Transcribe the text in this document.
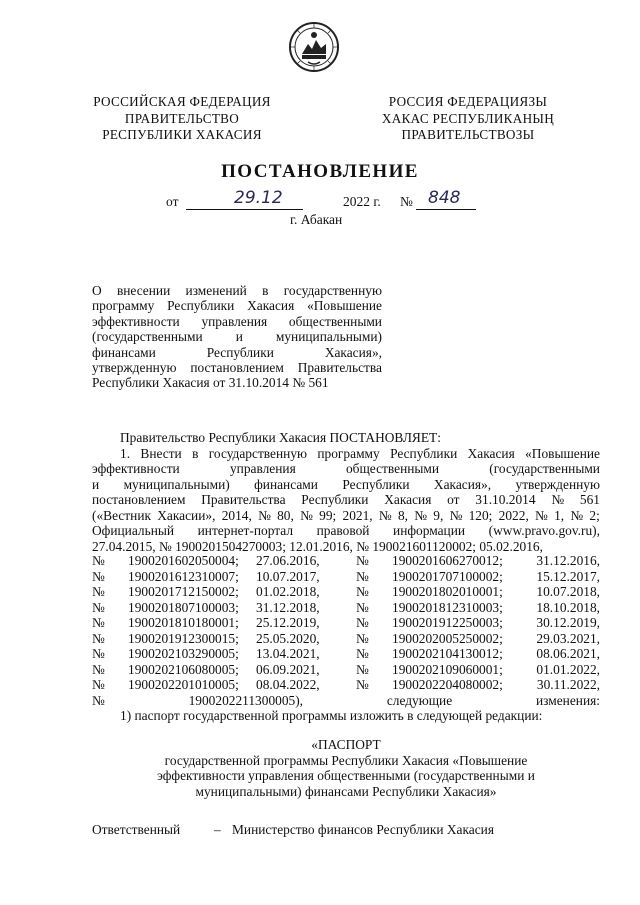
РОССИЙСКАЯ ФЕДЕРАЦИЯ
ПРАВИТЕЛЬСТВО
РЕСПУБЛИКИ ХАКАСИЯ
РОССИЯ ФЕДЕРАЦИЯЗЫ
ХАКАС РЕСПУБЛИКАНЫҢ
ПРАВИТЕЛЬСТВОЗЫ
ПОСТАНОВЛЕНИЕ
от	29.12	2022 г. № 848
г. Абакан
О внесении изменений в государственную
программу Республики Хакасия «Повышение
эффективности управления общественными
(государственными и муниципальными)
финансами	Республики	Хакасия»,
утвержденную постановлением Правительства
Республики Хакасия от 31.10.2014 № 561
Правительство Республики Хакасия ПОСТАНОВЛЯЕТ:
1. Внести в государственную программу Республики Хакасия «Повышение
эффективности	управления	общественными	(государственными
и муниципальными) финансами Республики Хакасия», утвержденную
постановлением Правительства Республики Хакасия от 31.10.2014 № 561
(«Вестник Хакасии», 2014, № 80, № 99; 2021, № 8, № 9, № 120; 2022, № 1, № 2;
Официальный интернет-портал правовой информации (www.pravo.gov.ru),
27.04.2015, № 1900201504270003; 12.01.2016, № 190021601120002; 05.02.2016,
№	1900201602050004;	27.06.2016,	№	1900201606270012;	31.12.2016,
№	1900201612310007;	10.07.2017,	№	1900201707100002;	15.12.2017,
№	1900201712150002;	01.02.2018,	№	1900201802010001;	10.07.2018,
№	1900201807100003;	31.12.2018,	№	1900201812310003;	18.10.2018,
№	1900201810180001;	25.12.2019,	№	1900201912250003;	30.12.2019,
№	1900201912300015;	25.05.2020,	№	1900202005250002;	29.03.2021,
№	1900202103290005;	13.04.2021,	№	1900202104130012;	08.06.2021,
№	1900202106080005;	06.09.2021,	№	1900202109060001;	01.01.2022,
№	1900202201010005;	08.04.2022,	№	1900202204080002;	30.11.2022,
№	1900202211300005),	следующие	изменения:
1) паспорт государственной программы изложить в следующей редакции:
«ПАСПОРТ
государственной программы Республики Хакасия «Повышение
эффективности управления общественными (государственными и
муниципальными) финансами Республики Хакасия»
Ответственный	– Министерство финансов Республики Хакасия
